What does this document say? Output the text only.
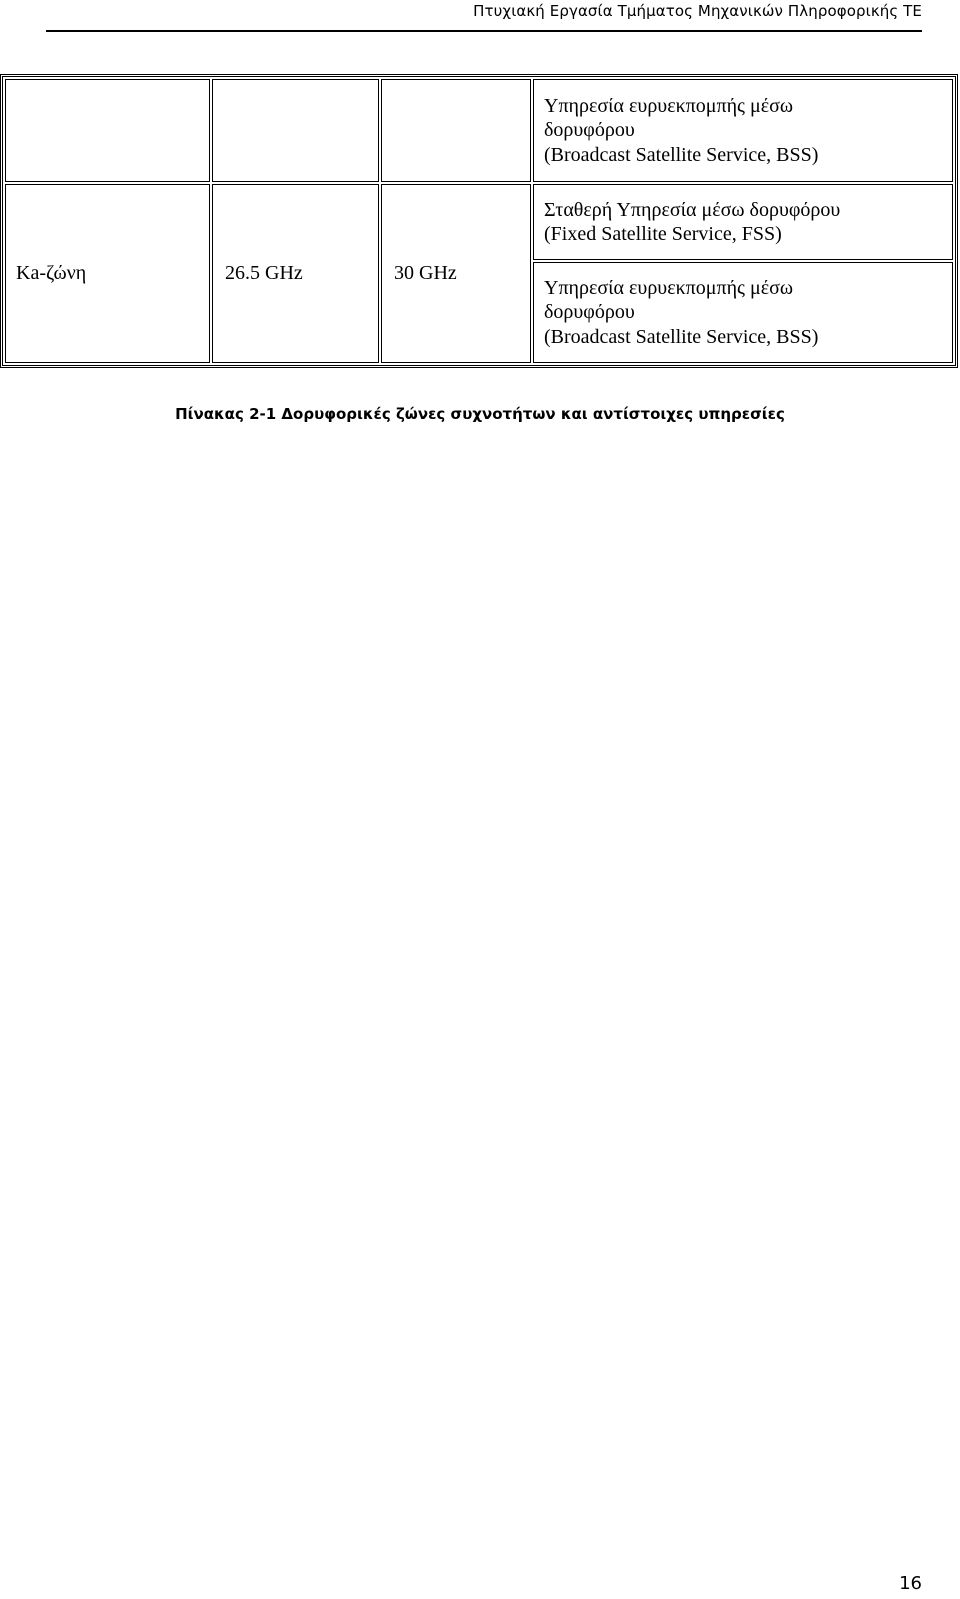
Πτυχιακή Εργασία Τμήματος Μηχανικών Πληροφορικής ΤΕ

			Υπηρεσία ευρυεκπομπής μέσω
δορυφόρου
(Broadcast Satellite Service, BSS)

Ka-ζώνη	26.5 GHz	30 GHz	Σταθερή Υπηρεσία μέσω δορυφόρου
(Fixed Satellite Service, FSS)

			Υπηρεσία ευρυεκπομπής μέσω
δορυφόρου
(Broadcast Satellite Service, BSS)
Πίνακας 2-1 Δορυφορικές ζώνες συχνοτήτων και αντίστοιχες υπηρεσίες
16
